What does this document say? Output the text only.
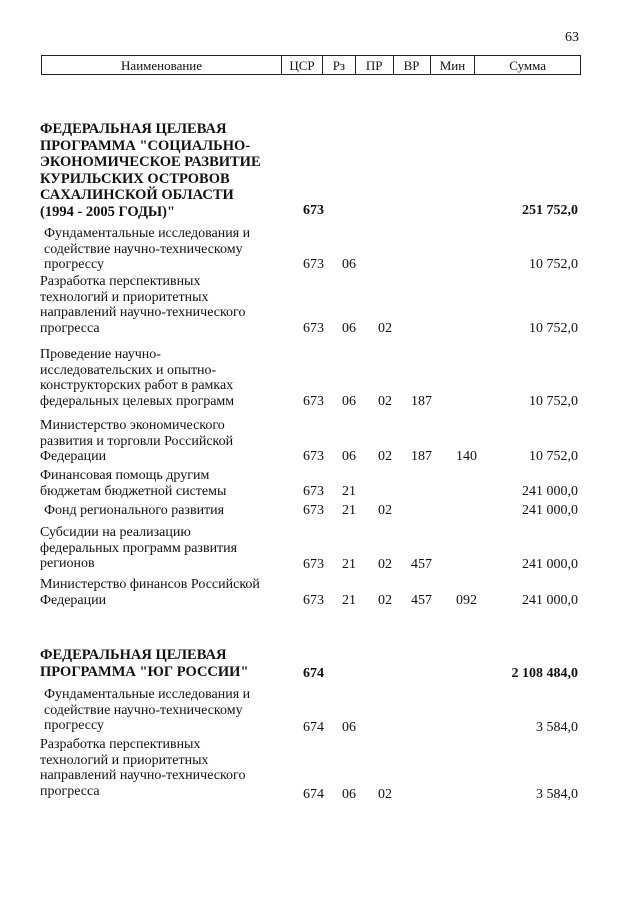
63
Наименование	ЦСР	Рз	ПР	ВР	Мин	Сумма
ФЕДЕРАЛЬНАЯ ЦЕЛЕВАЯ ПРОГРАММА "СОЦИАЛЬНО-ЭКОНОМИЧЕСКОЕ РАЗВИТИЕ КУРИЛЬСКИХ ОСТРОВОВ САХАЛИНСКОЙ ОБЛАСТИ (1994 - 2005 ГОДЫ)"	673	251 752,0
Фундаментальные исследования и содействие научно-техническому прогрессу	673 06	10 752,0
Разработка перспективных технологий и приоритетных направлений научно-технического прогресса	673 06 02	10 752,0
Проведение научно-исследовательских и опытно-конструкторских работ в рамках федеральных целевых программ	673 06 02 187	10 752,0
Министерство экономического развития и торговли Российской Федерации	673 06 02 187 140	10 752,0
Финансовая помощь другим бюджетам бюджетной системы	673 21	241 000,0
Фонд регионального развития	673 21 02	241 000,0
Субсидии на реализацию федеральных программ развития регионов	673 21 02 457	241 000,0
Министерство финансов Российской Федерации	673 21 02 457 092	241 000,0
ФЕДЕРАЛЬНАЯ ЦЕЛЕВАЯ ПРОГРАММА "ЮГ РОССИИ"	674	2 108 484,0
Фундаментальные исследования и содействие научно-техническому прогрессу	674 06	3 584,0
Разработка перспективных технологий и приоритетных направлений научно-технического прогресса	674 06 02	3 584,0
